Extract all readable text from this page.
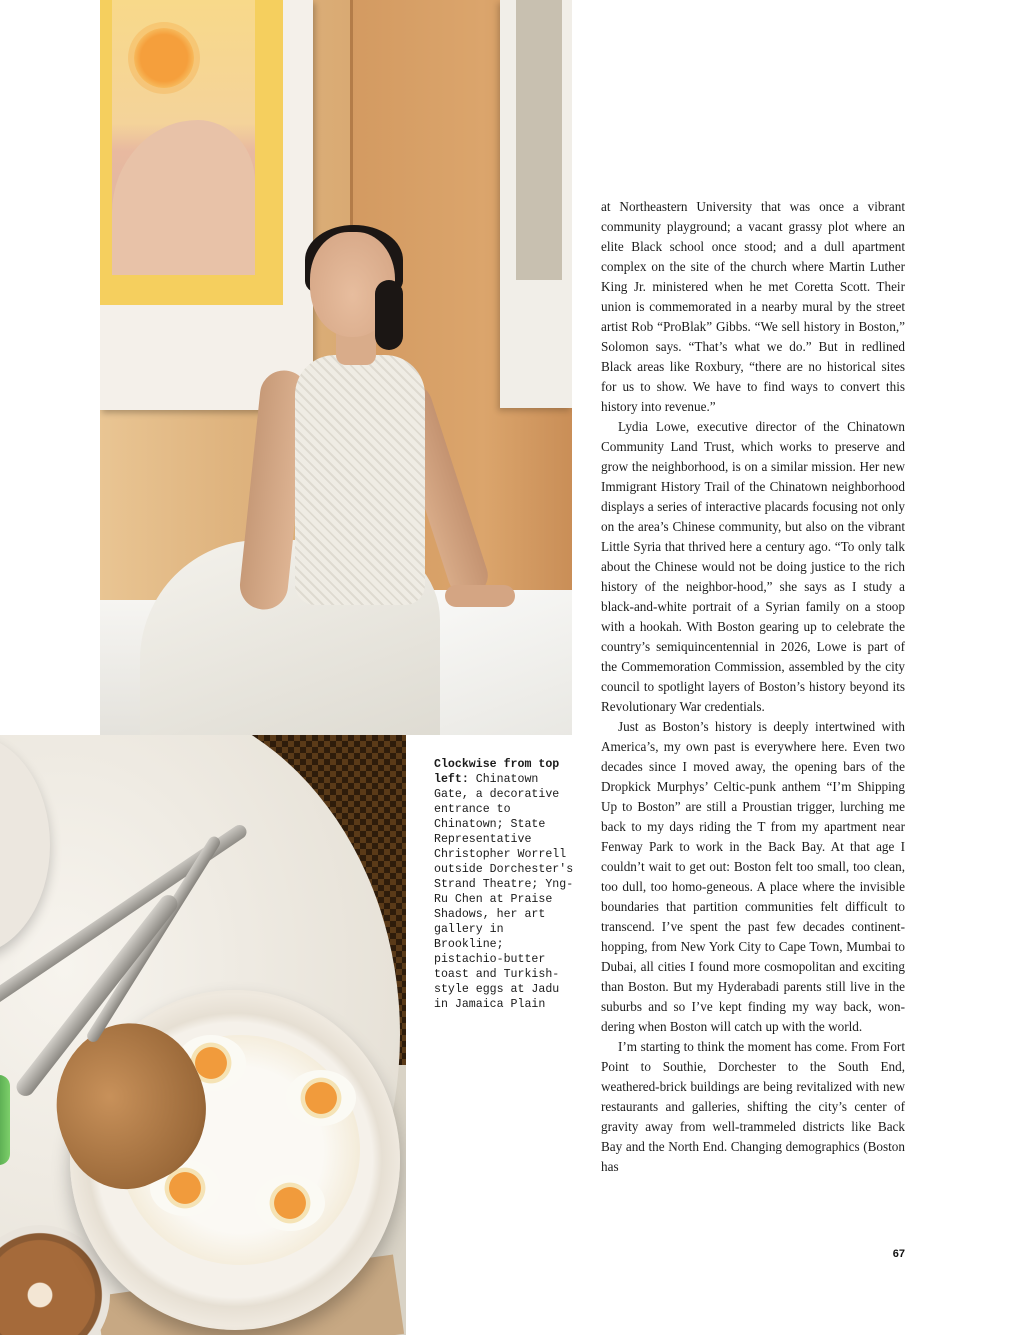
Clockwise from top left: Chinatown Gate, a decorative entrance to Chinatown; State Representative Christopher Worrell outside Dorchester's Strand Theatre; Yng-Ru Chen at Praise Shadows, her art gallery in Brookline; pistachio-butter toast and Turkish-style eggs at Jadu in Jamaica Plain

at Northeastern University that was once a vibrant community playground; a vacant grassy plot where an elite Black school once stood; and a dull apartment complex on the site of the church where Martin Luther King Jr. ministered when he met Coretta Scott. Their union is commemorated in a nearby mural by the street artist Rob “ProBlak” Gibbs. “We sell history in Boston,” Solomon says. “That’s what we do.” But in redlined Black areas like Roxbury, “there are no historical sites for us to show. We have to find ways to convert this history into revenue.”

Lydia Lowe, executive director of the Chinatown Community Land Trust, which works to preserve and grow the neighborhood, is on a similar mission. Her new Immigrant History Trail of the Chinatown neighborhood displays a series of interactive placards focusing not only on the area’s Chinese community, but also on the vibrant Little Syria that thrived here a century ago. “To only talk about the Chinese would not be doing justice to the rich history of the neighbor-hood,” she says as I study a black-and-white portrait of a Syrian family on a stoop with a hookah. With Boston gearing up to celebrate the country’s semiquincentennial in 2026, Lowe is part of the Commemoration Commission, assembled by the city council to spotlight layers of Boston’s history beyond its Revolutionary War credentials.

Just as Boston’s history is deeply intertwined with America’s, my own past is everywhere here. Even two decades since I moved away, the opening bars of the Dropkick Murphys’ Celtic-punk anthem “I’m Shipping Up to Boston” are still a Proustian trigger, lurching me back to my days riding the T from my apartment near Fenway Park to work in the Back Bay. At that age I couldn’t wait to get out: Boston felt too small, too clean, too dull, too homo-geneous. A place where the invisible boundaries that partition communities felt difficult to transcend. I’ve spent the past few decades continent-hopping, from New York City to Cape Town, Mumbai to Dubai, all cities I found more cosmopolitan and exciting than Boston. But my Hyderabadi parents still live in the suburbs and so I’ve kept finding my way back, won-dering when Boston will catch up with the world.

I’m starting to think the moment has come. From Fort Point to Southie, Dorchester to the South End, weathered-brick buildings are being revitalized with new restaurants and galleries, shifting the city’s center of gravity away from well-trammeled districts like Back Bay and the North End. Changing demographics (Boston has

67
